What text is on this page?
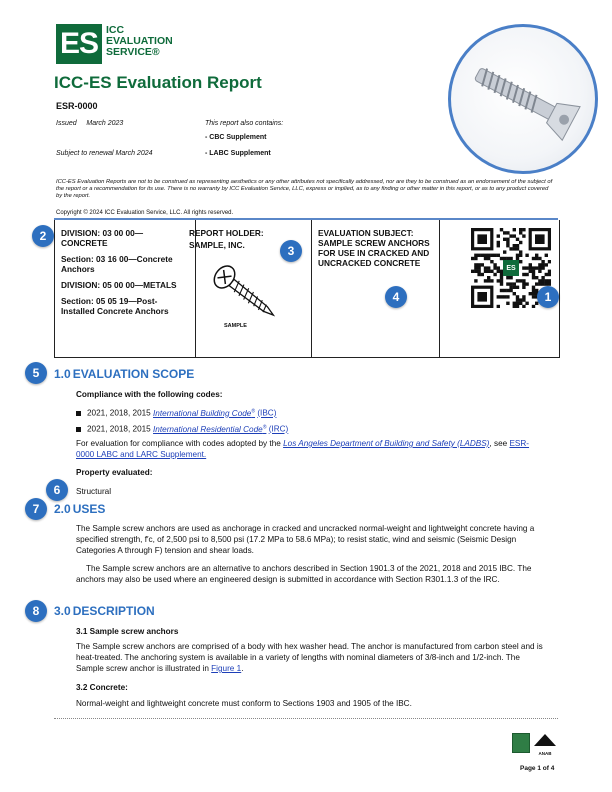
ES ICC
EVALUATION
SERVICE®
ICC-ES Evaluation Report
ESR-0000
Issued March 2023
Subject to renewal March 2024
This report also contains:
- CBC Supplement
- LABC Supplement
ICC-ES Evaluation Reports are not to be construed as representing aesthetics or any other attributes not specifically addressed, nor are they to be construed as an endorsement of the subject of the report or a recommendation for its use. There is no warranty by ICC Evaluation Service, LLC, express or implied, as to any finding or other matter in this report, or as to any product covered by the report.
Copyright © 2024 ICC Evaluation Service, LLC. All rights reserved.

DIVISION: 03 00 00—CONCRETE

Section: 03 16 00—Concrete Anchors

DIVISION: 05 00 00—METALS

Section: 05 05 19—Post-Installed Concrete Anchors

REPORT HOLDER:

SAMPLE, INC.

SAMPLE

EVALUATION SUBJECT: SAMPLE SCREW ANCHORS FOR USE IN CRACKED AND UNCRACKED CONCRETE

ES
2
3
4	1
5
6
7
8
1.0 EVALUATION SCOPE
Compliance with the following codes:
2021, 2018, 2015 International Building Code® (IBC)
2021, 2018, 2015 International Residential Code® (IRC)
For evaluation for compliance with codes adopted by the Los Angeles Department of Building and Safety (LADBS), see ESR-0000 LABC and LARC Supplement.
Property evaluated:
Structural
2.0 USES
The Sample screw anchors are used as anchorage in cracked and uncracked normal-weight and lightweight concrete having a specified strength, f′c, of 2,500 psi to 8,500 psi (17.2 MPa to 58.6 MPa); to resist static, wind and seismic (Seismic Design Categories A through F) tension and shear loads.
The Sample screw anchors are an alternative to anchors described in Section 1901.3 of the 2021, 2018 and 2015 IBC. The anchors may also be used where an engineered design is submitted in accordance with Section R301.1.3 of the IRC.
3.0 DESCRIPTION
3.1 Sample screw anchors
The Sample screw anchors are comprised of a body with hex washer head. The anchor is manufactured from carbon steel and is heat-treated. The anchoring system is available in a variety of lengths with nominal diameters of 3/8-inch and 1/2-inch. The Sample screw anchor is illustrated in Figure 1.
3.2 Concrete:
Normal-weight and lightweight concrete must conform to Sections 1903 and 1905 of the IBC.
ANAB
Page 1 of 4
